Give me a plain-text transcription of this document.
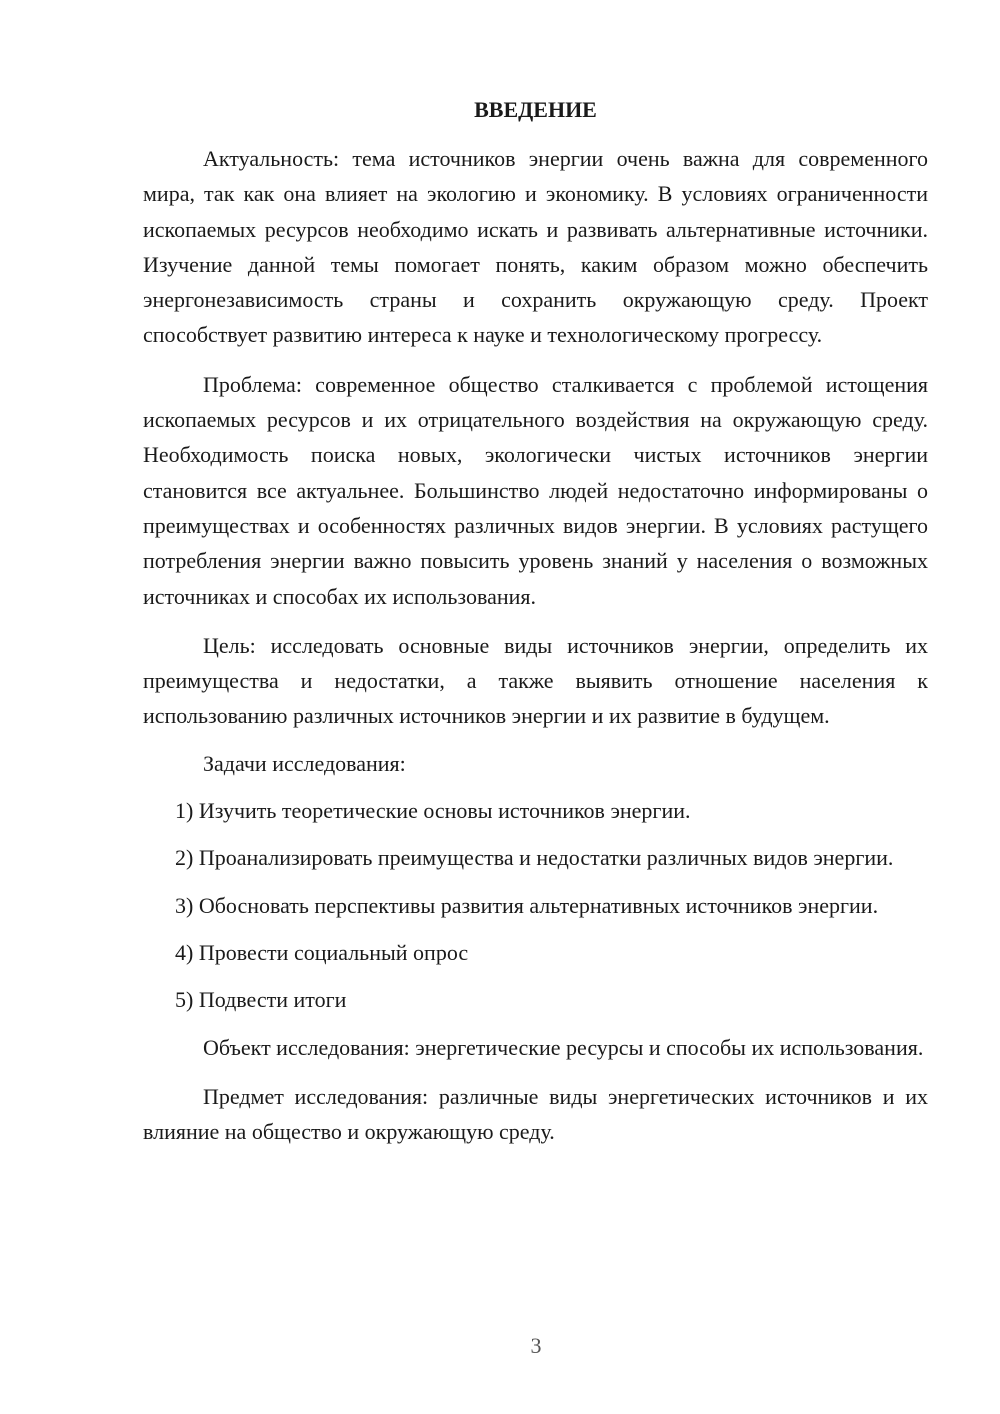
ВВЕДЕНИЕ

Актуальность: тема источников энергии очень важна для современного мира, так как она влияет на экологию и экономику. В условиях ограниченности ископаемых ресурсов необходимо искать и развивать альтернативные источники. Изучение данной темы помогает понять, каким образом можно обеспечить энергонезависимость страны и сохранить окружающую среду. Проект способствует развитию интереса к науке и технологическому прогрессу.

Проблема: современное общество сталкивается с проблемой истощения ископаемых ресурсов и их отрицательного воздействия на окружающую среду. Необходимость поиска новых, экологически чистых источников энергии становится все актуальнее. Большинство людей недостаточно информированы о преимуществах и особенностях различных видов энергии. В условиях растущего потребления энергии важно повысить уровень знаний у населения о возможных источниках и способах их использования.

Цель: исследовать основные виды источников энергии, определить их преимущества и недостатки, а также выявить отношение населения к использованию различных источников энергии и их развитие в будущем.

Задачи исследования:

1) Изучить теоретические основы источников энергии.

2) Проанализировать преимущества и недостатки различных видов энергии.

3) Обосновать перспективы развития альтернативных источников энергии.

4) Провести социальный опрос

5) Подвести итоги

Объект исследования: энергетические ресурсы и способы их использования.

Предмет исследования: различные виды энергетических источников и их влияние на общество и окружающую среду.

3
